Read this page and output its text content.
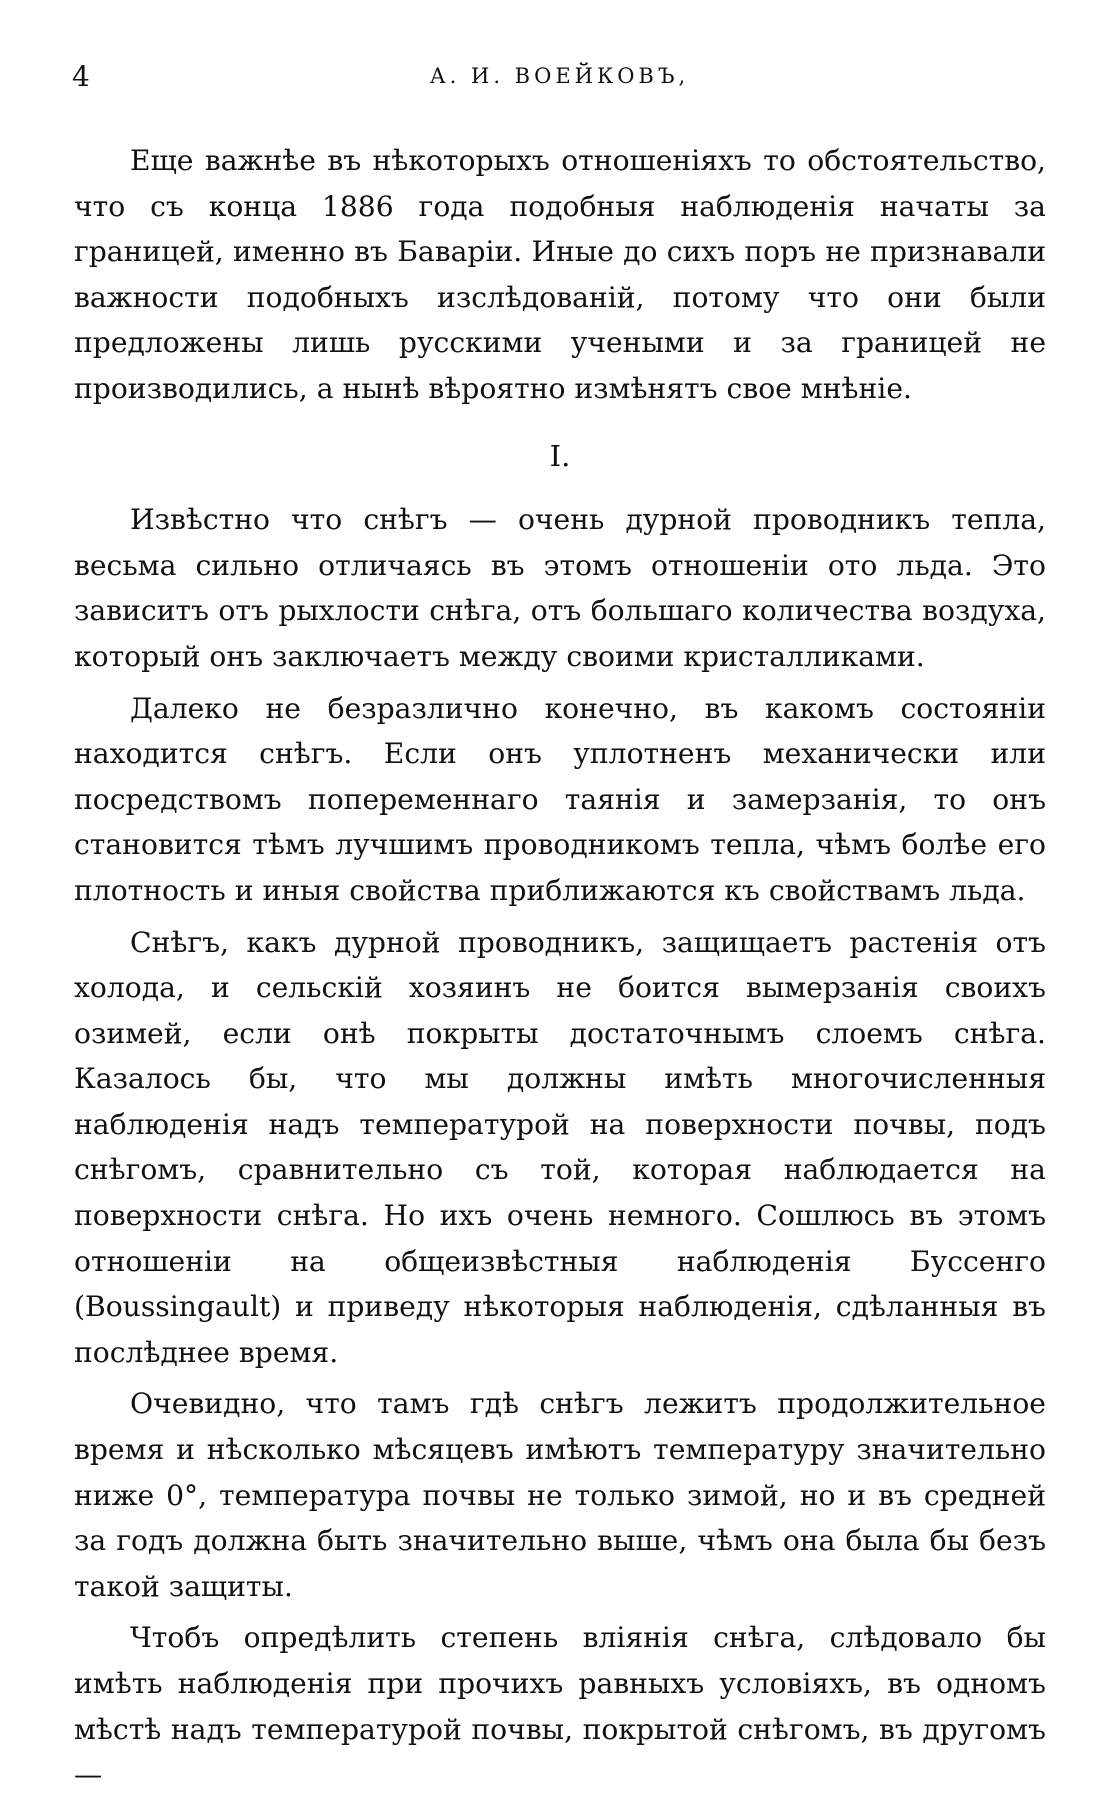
4	А. И. ВОЕЙКОВЪ,

Еще важнѣе въ нѣкоторыхъ отношеніяхъ то обстоятельство, что съ конца 1886 года подобныя наблюденія начаты за границей, именно въ Баваріи. Иные до сихъ поръ не признавали важности подобныхъ изслѣдованій, потому что они были предложены лишь русскими учеными и за границей не производились, а нынѣ вѣроятно измѣнятъ свое мнѣніе.

I.

Извѣстно что снѣгъ — очень дурной проводникъ тепла, весьма сильно отличаясь въ этомъ отношеніи ото льда. Это зависитъ отъ рыхлости снѣга, отъ большаго количества воздуха, который онъ заключаетъ между своими кристалликами.

Далеко не безразлично конечно, въ какомъ состояніи находится снѣгъ. Если онъ уплотненъ механически или посредствомъ попеременнаго таянія и замерзанія, то онъ становится тѣмъ лучшимъ проводникомъ тепла, чѣмъ болѣе его плотность и иныя свойства приближаются къ свойствамъ льда.

Снѣгъ, какъ дурной проводникъ, защищаетъ растенія отъ холода, и сельскій хозяинъ не боится вымерзанія своихъ озимей, если онѣ покрыты достаточнымъ слоемъ снѣга. Казалось бы, что мы должны имѣть многочисленныя наблюденія надъ температурой на поверхности почвы, подъ снѣгомъ, сравнительно съ той, которая наблюдается на поверхности снѣга. Но ихъ очень немного. Сошлюсь въ этомъ отношеніи на общеизвѣстныя наблюденія Буссенго (Boussingault) и приведу нѣкоторыя наблюденія, сдѣланныя въ послѣднее время.

Очевидно, что тамъ гдѣ снѣгъ лежитъ продолжительное время и нѣсколько мѣсяцевъ имѣютъ температуру значительно ниже 0°, температура почвы не только зимой, но и въ средней за годъ должна быть значительно выше, чѣмъ она была бы безъ такой защиты.

Чтобъ опредѣлить степень вліянія снѣга, слѣдовало бы имѣть наблюденія при прочихъ равныхъ условіяхъ, въ одномъ мѣстѣ надъ температурой почвы, покрытой снѣгомъ, въ другомъ —
